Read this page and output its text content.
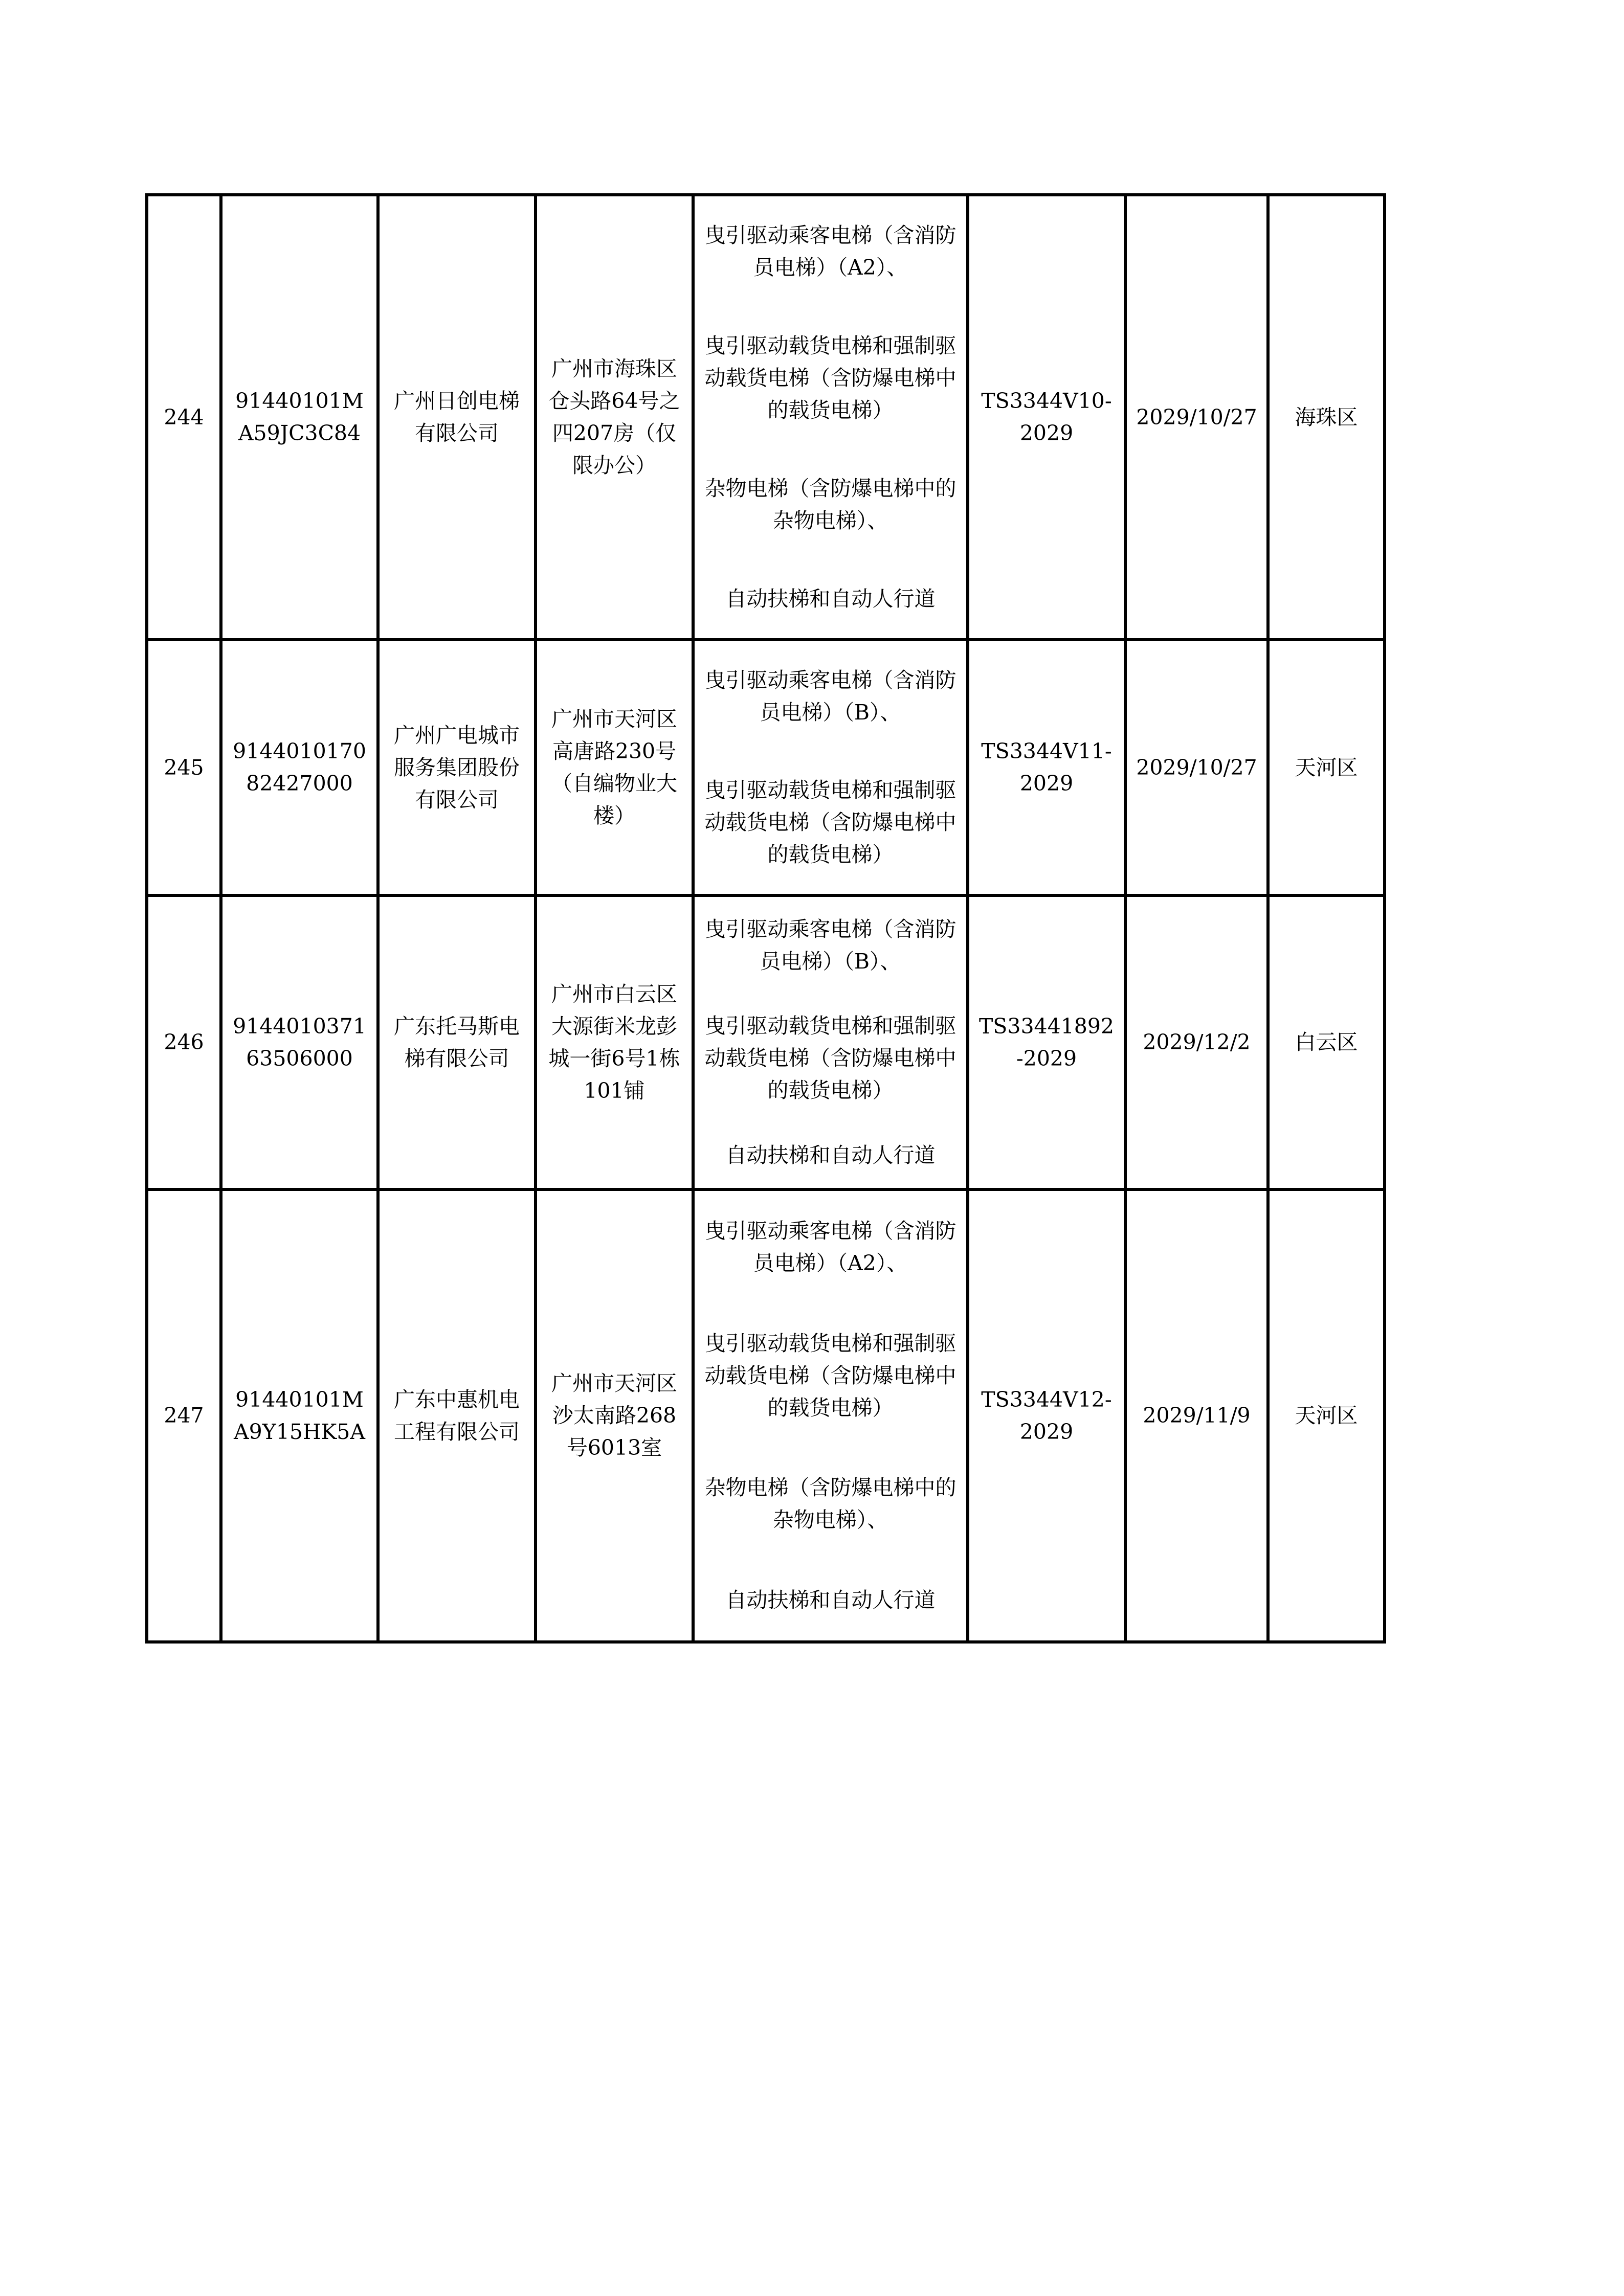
244	91440101MA59JC3C84	广州日创电梯有限公司	广州市海珠区仓头路64号之四207房（仅限办公）	曳引驱动乘客电梯（含消防员电梯）（A2）、
曳引驱动载货电梯和强制驱动载货电梯（含防爆电梯中的载货电梯）
杂物电梯（含防爆电梯中的杂物电梯）、
自动扶梯和自动人行道	TS3344V10-2029	2029/10/27	海珠区

245	914401017082427000	广州广电城市服务集团股份有限公司	广州市天河区高唐路230号（自编物业大楼）	曳引驱动乘客电梯（含消防员电梯）（B）、
曳引驱动载货电梯和强制驱动载货电梯（含防爆电梯中的载货电梯）	TS3344V11-2029	2029/10/27	天河区

246	914401037163506000	广东托马斯电梯有限公司	广州市白云区大源街米龙彭城一街6号1栋101铺	曳引驱动乘客电梯（含消防员电梯）（B）、
曳引驱动载货电梯和强制驱动载货电梯（含防爆电梯中的载货电梯）
自动扶梯和自动人行道	TS33441892-2029	2029/12/2	白云区

247	91440101MA9Y15HK5A	广东中惠机电工程有限公司	广州市天河区沙太南路268号6013室	曳引驱动乘客电梯（含消防员电梯）（A2）、
曳引驱动载货电梯和强制驱动载货电梯（含防爆电梯中的载货电梯）
杂物电梯（含防爆电梯中的杂物电梯）、
自动扶梯和自动人行道	TS3344V12-2029	2029/11/9	天河区
